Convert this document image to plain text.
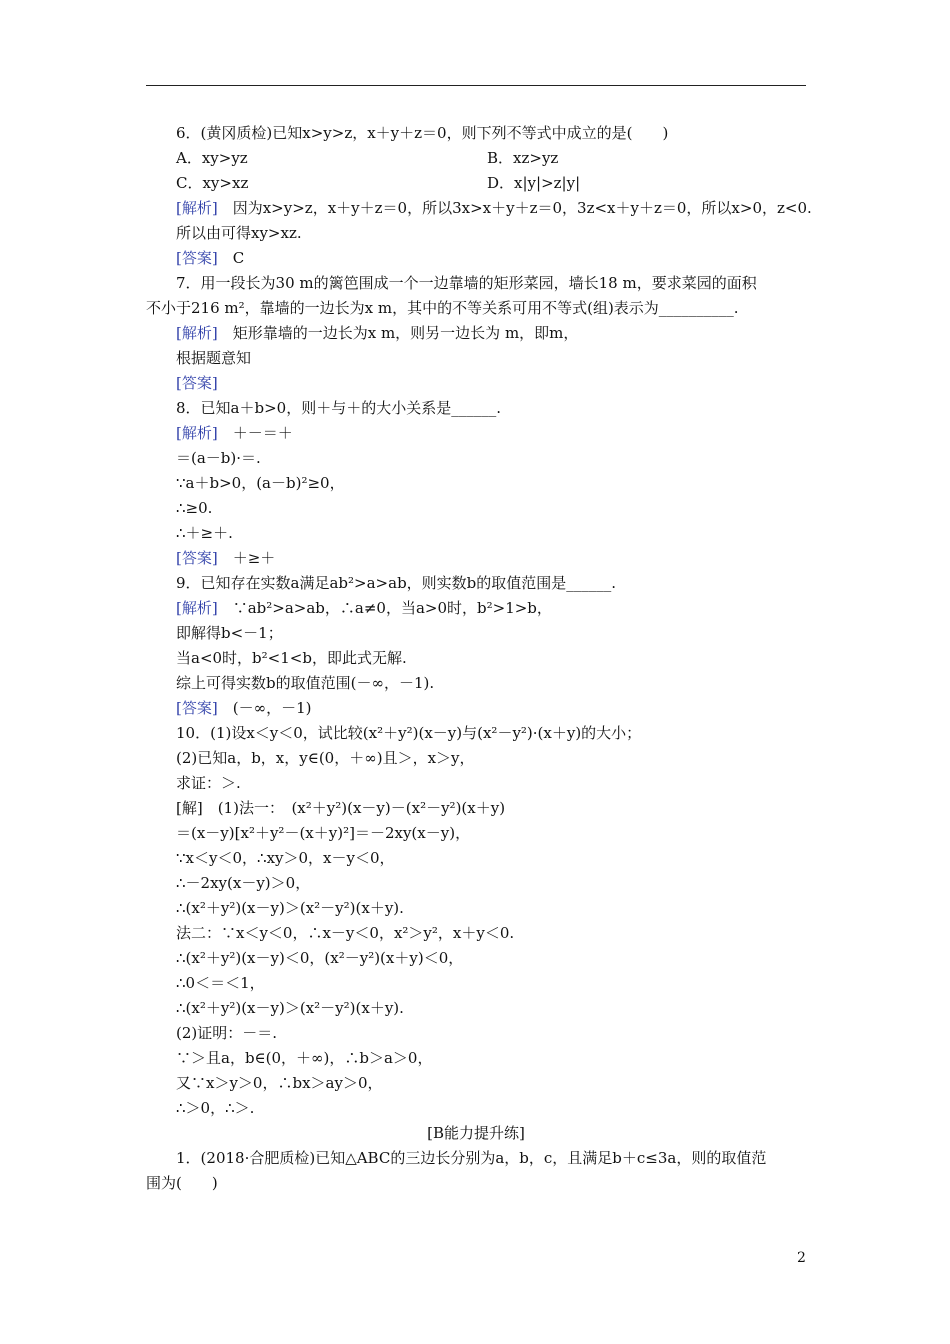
6．(黄冈质检)已知x>y>z，x＋y＋z＝0，则下列不等式中成立的是(　　)
A．xy>yz	B．xz>yz
C．xy>xz	D．x|y|>z|y|
[解析]　因为x>y>z，x＋y＋z＝0，所以3x>x＋y＋z＝0，3z<x＋y＋z＝0，所以x>0，z<0.
所以由可得xy>xz.
[答案]　C
7．用一段长为30 m的篱笆围成一个一边靠墙的矩形菜园，墙长18 m，要求菜园的面积
不小于216 m²，靠墙的一边长为x m，其中的不等关系可用不等式(组)表示为__________.
[解析]　矩形靠墙的一边长为x m，则另一边长为 m，即m，
根据题意知
[答案]
8．已知a＋b>0，则＋与＋的大小关系是______.
[解析]　＋－＝＋
＝(a－b)·＝.
∵a＋b>0，(a－b)²≥0，
∴≥0.
∴＋≥＋.
[答案]　＋≥＋
9．已知存在实数a满足ab²>a>ab，则实数b的取值范围是______.
[解析]　∵ab²>a>ab，∴a≠0，当a>0时，b²>1>b，
即解得b<－1；
当a<0时，b²<1<b，即此式无解.
综上可得实数b的取值范围(－∞，－1).
[答案]　(－∞，－1)
10．(1)设x＜y＜0，试比较(x²＋y²)(x－y)与(x²－y²)·(x＋y)的大小；
(2)已知a，b，x，y∈(0，＋∞)且＞，x＞y，
求证：＞.
[解]　(1)法一：　(x²＋y²)(x－y)－(x²－y²)(x＋y)
＝(x－y)[x²＋y²－(x＋y)²]＝－2xy(x－y)，
∵x＜y＜0，∴xy＞0，x－y＜0，
∴－2xy(x－y)＞0，
∴(x²＋y²)(x－y)＞(x²－y²)(x＋y).
法二：∵x＜y＜0，∴x－y＜0，x²＞y²，x＋y＜0.
∴(x²＋y²)(x－y)＜0，(x²－y²)(x＋y)＜0，
∴0＜＝＜1，
∴(x²＋y²)(x－y)＞(x²－y²)(x＋y).
(2)证明：－＝.
∵＞且a，b∈(0，＋∞)，∴b＞a＞0，
又∵x＞y＞0，∴bx＞ay＞0，
∴＞0，∴＞.
1．(2018·合肥质检)已知△ABC的三边长分别为a，b，c，且满足b＋c≤3a，则的取值范
围为(　　)
[B能力提升练]
2
